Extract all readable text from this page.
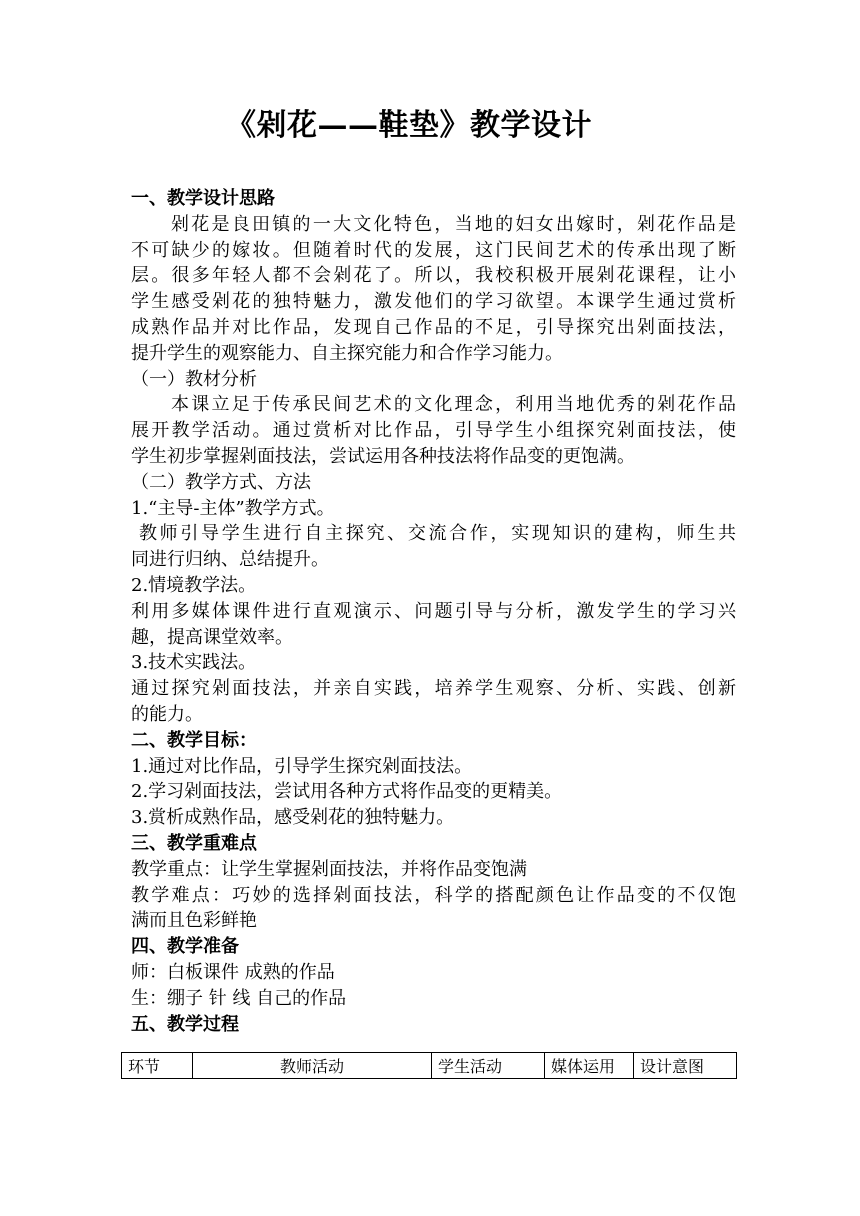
《剁花——鞋垫》教学设计
一、教学设计思路
剁花是良田镇的一大文化特色，当地的妇女出嫁时，剁花作品是
不可缺少的嫁妆。但随着时代的发展，这门民间艺术的传承出现了断
层。很多年轻人都不会剁花了。所以，我校积极开展剁花课程，让小
学生感受剁花的独特魅力，激发他们的学习欲望。本课学生通过赏析
成熟作品并对比作品，发现自己作品的不足，引导探究出剁面技法，
提升学生的观察能力、自主探究能力和合作学习能力。
（一）教材分析
本课立足于传承民间艺术的文化理念，利用当地优秀的剁花作品
展开教学活动。通过赏析对比作品，引导学生小组探究剁面技法，使
学生初步掌握剁面技法，尝试运用各种技法将作品变的更饱满。
（二）教学方式、方法
1.“主导-主体”教学方式。
教师引导学生进行自主探究、交流合作，实现知识的建构，师生共
同进行归纳、总结提升。
2.情境教学法。
利用多媒体课件进行直观演示、问题引导与分析，激发学生的学习兴
趣，提高课堂效率。
3.技术实践法。
通过探究剁面技法，并亲自实践，培养学生观察、分析、实践、创新
的能力。
二、教学目标：
1.通过对比作品，引导学生探究剁面技法。
2.学习剁面技法，尝试用各种方式将作品变的更精美。
3.赏析成熟作品，感受剁花的独特魅力。
三、教学重难点
教学重点：让学生掌握剁面技法，并将作品变饱满
教学难点：巧妙的选择剁面技法，科学的搭配颜色让作品变的不仅饱
满而且色彩鲜艳
四、教学准备
师：白板课件 成熟的作品
生：绷子 针 线 自己的作品
五、教学过程
环节	教师活动	学生活动	媒体运用	设计意图
